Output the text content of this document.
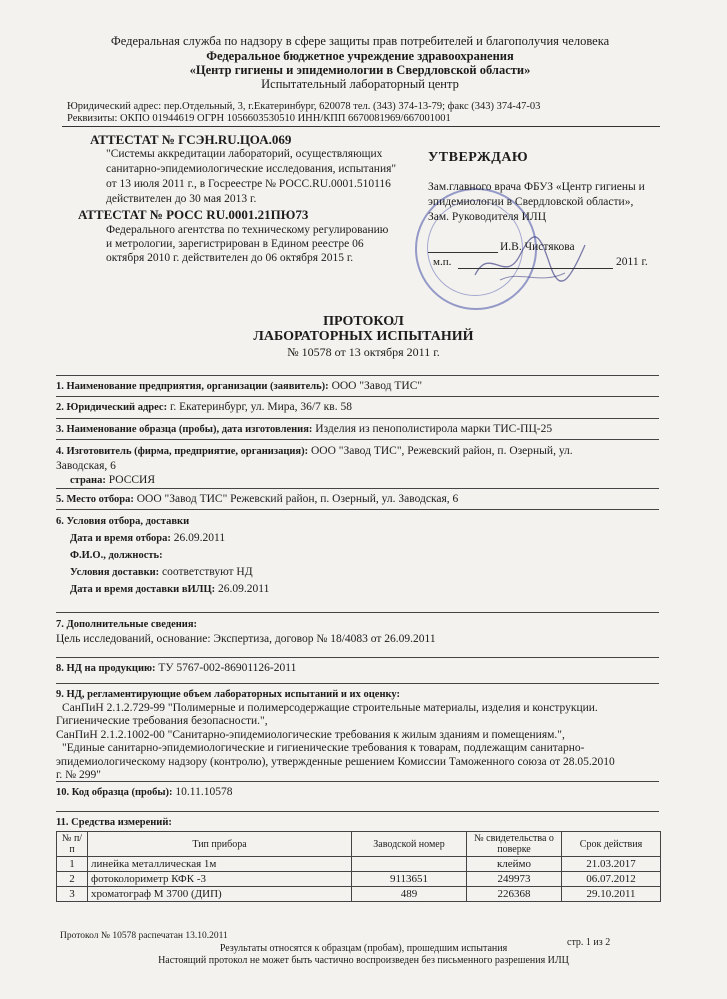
Федеральная служба по надзору в сфере защиты прав потребителей и благополучия человека
Федеральное бюджетное учреждение здравоохранения
«Центр гигиены и эпидемиологии в Свердловской области»
Испытательный лабораторный центр
Юридический адрес: пер.Отдельный, 3, г.Екатеринбург, 620078 тел. (343) 374-13-79; факс (343) 374-47-03
Реквизиты: ОКПО 01944619 ОГРН 1056603530510 ИНН/КПП 6670081969/667001001
АТТЕСТАТ № ГСЭН.RU.ЦОА.069
"Системы аккредитации лабораторий, осуществляющих
санитарно-эпидемиологические исследования, испытания"
от 13 июля 2011 г., в Госреестре № РОСС.RU.0001.510116
действителен до 30 мая 2013 г.
АТТЕСТАТ № РОСС RU.0001.21ПЮ73
Федерального агентства по техническому регулированию
и метрологии, зарегистрирован в Едином реестре 06
октября 2010 г. действителен до 06 октября 2015 г.
УТВЕРЖДАЮ
Зам.главного врача ФБУЗ «Центр гигиены и
эпидемиологии в Свердловской области»,
Зам. Руководителя ИЛЦ
И.В. Чистякова
м.п.	2011 г.
ПРОТОКОЛ
ЛАБОРАТОРНЫХ ИСПЫТАНИЙ
№ 10578 от 13 октября 2011 г.
1. Наименование предприятия, организации (заявитель): ООО "Завод ТИС"
2. Юридический адрес: г. Екатеринбург, ул. Мира, 36/7 кв. 58
3. Наименование образца (пробы), дата изготовления: Изделия из пенополистирола марки ТИС-ПЦ-25
4. Изготовитель (фирма, предприятие, организация): ООО "Завод ТИС", Режевский район, п. Озерный, ул.
Заводская, 6
страна: РОССИЯ
5. Место отбора: ООО "Завод ТИС" Режевский район, п. Озерный, ул. Заводская, 6
6. Условия отбора, доставки
Дата и время отбора: 26.09.2011
Ф.И.О., должность:
Условия доставки: соответствуют НД
Дата и время доставки вИЛЦ: 26.09.2011
7. Дополнительные сведения:
Цель исследований, основание: Экспертиза, договор № 18/4083 от 26.09.2011
8. НД на продукцию: ТУ 5767-002-86901126-2011
9. НД, регламентирующие объем лабораторных испытаний и их оценку:
СанПиН 2.1.2.729-99 "Полимерные и полимерсодержащие строительные материалы, изделия и конструкции.
Гигиенические требования безопасности.",
СанПиН 2.1.2.1002-00 "Санитарно-эпидемиологические требования к жилым зданиям и помещениям.",
"Единые санитарно-эпидемиологические и гигиенические требования к товарам, подлежащим санитарно-
эпидемиологическому надзору (контролю), утвержденные решением Комиссии Таможенного союза от 28.05.2010
г. № 299"
10. Код образца (пробы): 10.11.10578
11. Средства измерений:
№ п/п	Тип прибора	Заводской номер	№ свидетельства о поверке	Срок действия
1	линейка металлическая 1м		клеймо	21.03.2017
2	фотоколориметр КФК -3	9113651	249973	06.07.2012
3	хроматограф М 3700 (ДИП)	489	226368	29.10.2011
Протокол № 10578 распечатан 13.10.2011
стр. 1 из 2
Результаты относятся к образцам (пробам), прошедшим испытания
Настоящий протокол не может быть частично воспроизведен без письменного разрешения ИЛЦ
